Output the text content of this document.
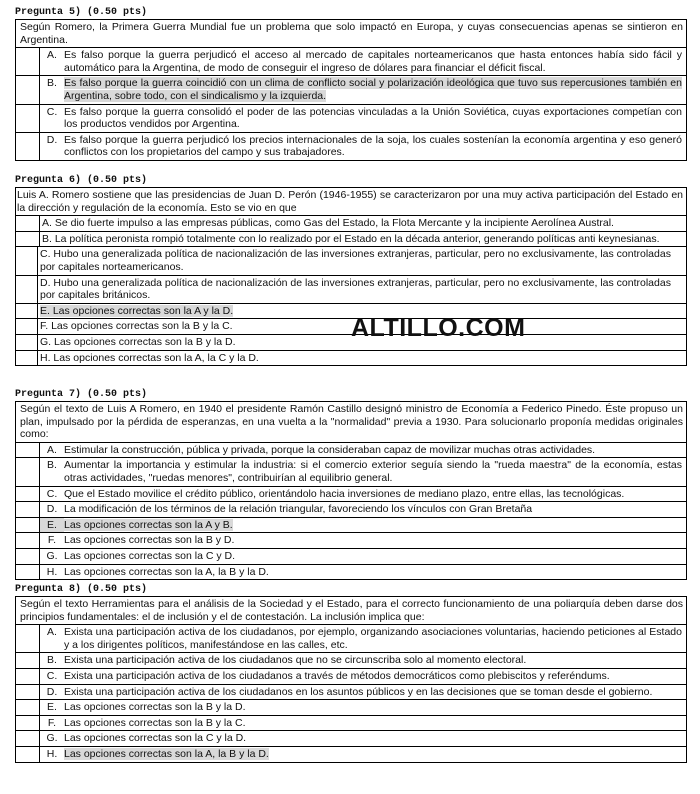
Pregunta 5) (0.50 pts)
Según Romero, la Primera Guerra Mundial fue un problema que solo impactó en Europa, y cuyas consecuencias apenas se sintieron en Argentina.
A. Es falso porque la guerra perjudicó el acceso al mercado de capitales norteamericanos que hasta entonces había sido fácil y automático para la Argentina, de modo de conseguir el ingreso de dólares para financiar el déficit fiscal.
B. Es falso porque la guerra coincidió con un clima de conflicto social y polarización ideológica que tuvo sus repercusiones también en Argentina, sobre todo, con el sindicalismo y la izquierda.
C. Es falso porque la guerra consolidó el poder de las potencias vinculadas a la Unión Soviética, cuyas exportaciones competían con los productos vendidos por Argentina.
D. Es falso porque la guerra perjudicó los precios internacionales de la soja, los cuales sostenían la economía argentina y eso generó conflictos con los propietarios del campo y sus trabajadores.
Pregunta 6) (0.50 pts)
Luis A. Romero sostiene que las presidencias de Juan D. Perón (1946-1955) se caracterizaron por una muy activa participación del Estado en la dirección y regulación de la economía. Esto se vio en que
A. Se dio fuerte impulso a las empresas públicas, como Gas del Estado, la Flota Mercante y la incipiente Aerolínea Austral.
B. La política peronista rompió totalmente con lo realizado por el Estado en la década anterior, generando políticas anti keynesianas.
C. Hubo una generalizada política de nacionalización de las inversiones extranjeras, particular, pero no exclusivamente, las controladas por capitales norteamericanos.
D. Hubo una generalizada política de nacionalización de las inversiones extranjeras, particular, pero no exclusivamente, las controladas por capitales británicos.
E. Las opciones correctas son la A y la D.
F. Las opciones correctas son la B y la C.
G. Las opciones correctas son la B y la D.
H. Las opciones correctas son la A, la C y la D.
ALTILLO.COM
Pregunta 7) (0.50 pts)
Según el texto de Luis A Romero, en 1940 el presidente Ramón Castillo designó ministro de Economía a Federico Pinedo. Éste propuso un plan, impulsado por la pérdida de esperanzas, en una vuelta a la "normalidad" previa a 1930. Para solucionarlo proponía medidas originales como:
A. Estimular la construcción, pública y privada, porque la consideraban capaz de movilizar muchas otras actividades.
B. Aumentar la importancia y estimular la industria: si el comercio exterior seguía siendo la "rueda maestra" de la economía, estas otras actividades, "ruedas menores", contribuirían al equilibrio general.
C. Que el Estado movilice el crédito público, orientándolo hacia inversiones de mediano plazo, entre ellas, las tecnológicas.
D. La modificación de los términos de la relación triangular, favoreciendo los vínculos con Gran Bretaña
E. Las opciones correctas son la A y B.
F. Las opciones correctas son la B y D.
G. Las opciones correctas son la C y D.
H. Las opciones correctas son la A, la B y la D.
Pregunta 8) (0.50 pts)
Según el texto Herramientas para el análisis de la Sociedad y el Estado, para el correcto funcionamiento de una poliarquía deben darse dos principios fundamentales: el de inclusión y el de contestación. La inclusión implica que:
A. Exista una participación activa de los ciudadanos, por ejemplo, organizando asociaciones voluntarias, haciendo peticiones al Estado y a los dirigentes políticos, manifestándose en las calles, etc.
B. Exista una participación activa de los ciudadanos que no se circunscriba solo al momento electoral.
C. Exista una participación activa de los ciudadanos a través de métodos democráticos como plebiscitos y referéndums.
D. Exista una participación activa de los ciudadanos en los asuntos públicos y en las decisiones que se toman desde el gobierno.
E. Las opciones correctas son la B y la D.
F. Las opciones correctas son la B y la C.
G. Las opciones correctas son la C y la D.
H. Las opciones correctas son la A, la B y la D.
